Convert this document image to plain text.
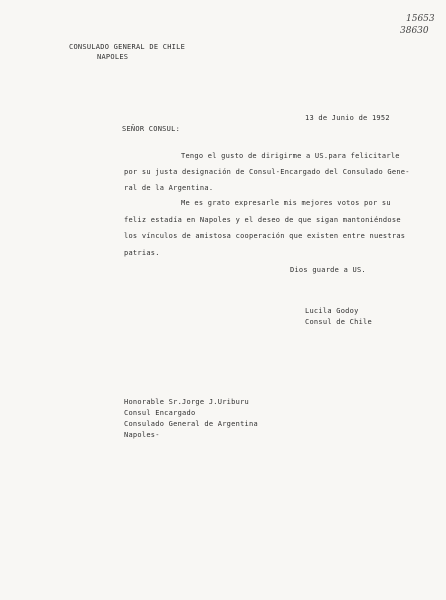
15653
38630
CONSULADO GENERAL DE CHILE
NAPOLES
13 de Junio de 1952
SEÑOR CONSUL:
Tengo el gusto de dirigirme a US.para felicitarle
por su justa designación de Consul-Encargado del Consulado Gene-
ral de la Argentina.
Me es grato expresarle mis mejores votos por su
feliz estadía en Napoles y el deseo de que sigan mantoniéndose
los vínculos de amistosa cooperación que existen entre nuestras
patrias.
Dios guarde a US.
Lucila Godoy
Consul de Chile
Honorable Sr.Jorge J.Uriburu
Consul Encargado
Consulado General de Argentina
Napoles-
